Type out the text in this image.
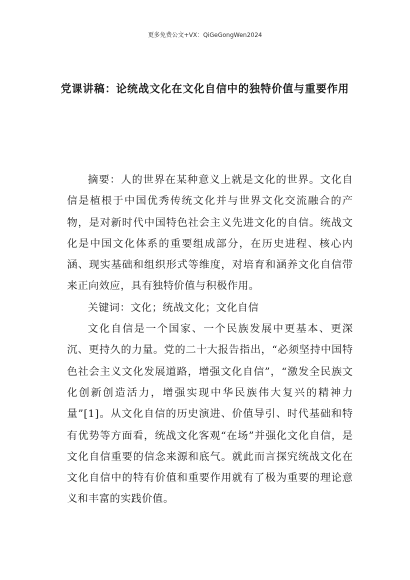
更多免费公文+VX：QiGeGongWen2024
党课讲稿：论统战文化在文化自信中的独特价值与重要作用

摘要：人的世界在某种意义上就是文化的世界。文化自信是植根于中国优秀传统文化并与世界文化交流融合的产物，是对新时代中国特色社会主义先进文化的自信。统战文化是中国文化体系的重要组成部分，在历史进程、核心内涵、现实基础和组织形式等维度，对培育和涵养文化自信带来正向效应，具有独特价值与积极作用。

关键词：文化；统战文化；文化自信

文化自信是一个国家、一个民族发展中更基本、更深沉、更持久的力量。党的二十大报告指出，“必须坚持中国特色社会主义文化发展道路，增强文化自信”，“激发全民族文化创新创造活力，增强实现中华民族伟大复兴的精神力量”[1]。从文化自信的历史演进、价值导引、时代基础和特有优势等方面看，统战文化客观“在场”并强化文化自信，是文化自信重要的信念来源和底气。就此而言探究统战文化在文化自信中的特有价值和重要作用就有了极为重要的理论意义和丰富的实践价值。
